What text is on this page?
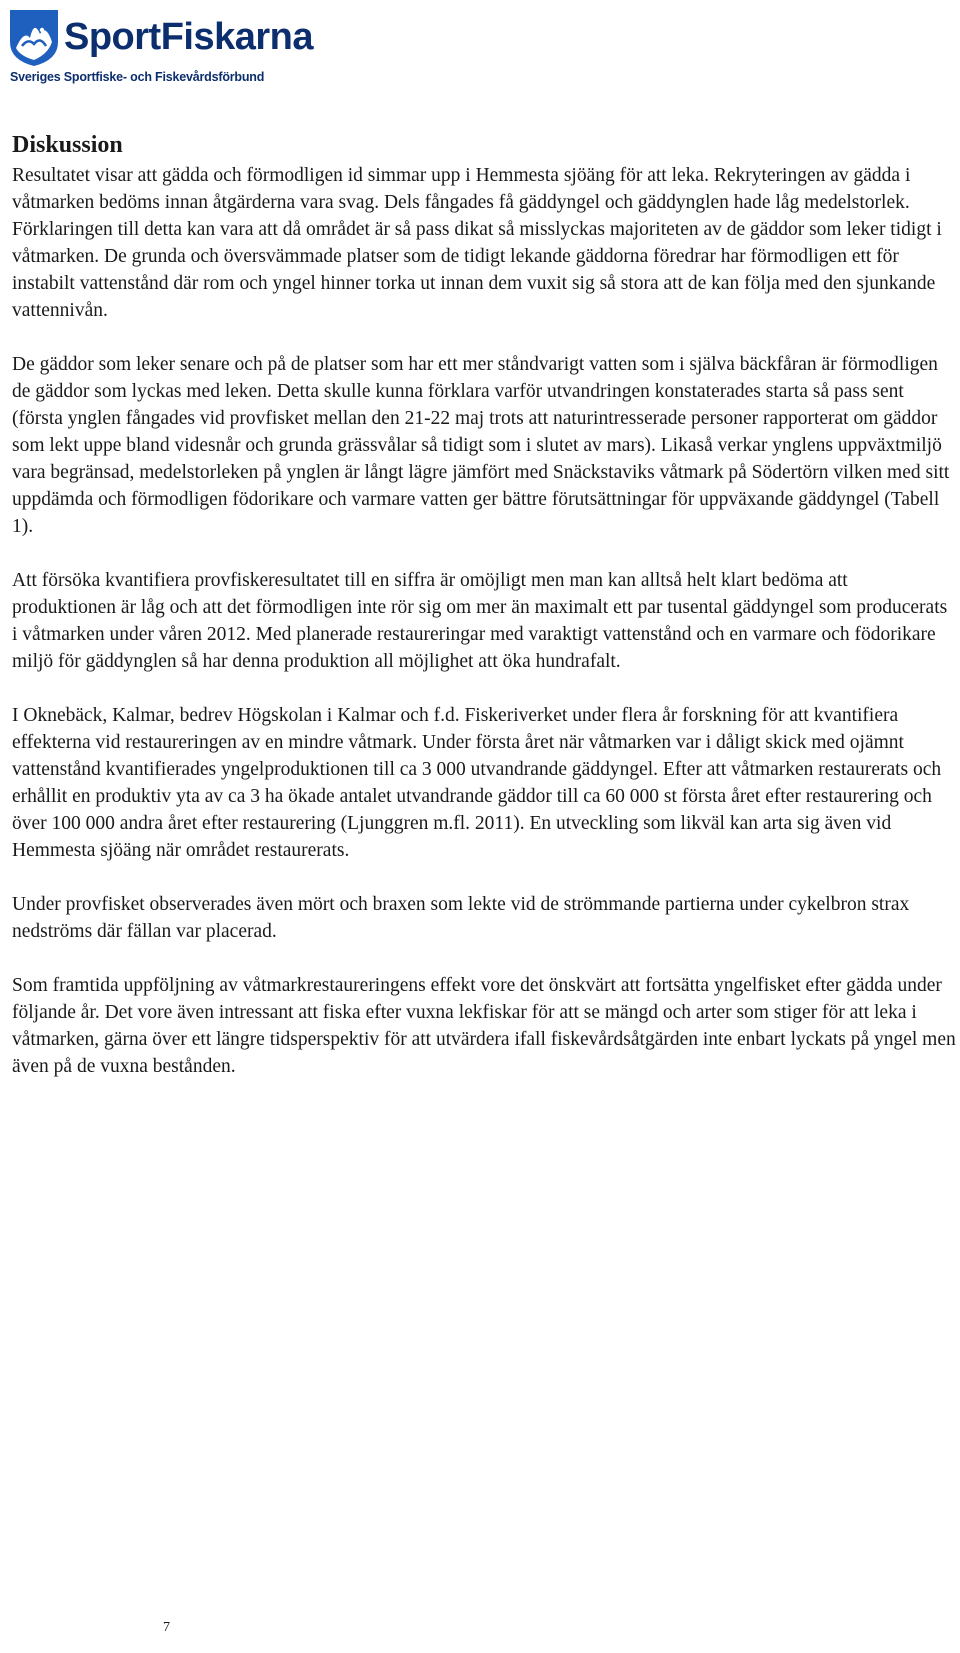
SportFiskarna
Sveriges Sportfiske- och Fiskevårdsförbund
Diskussion

Resultatet visar att gädda och förmodligen id simmar upp i Hemmesta sjöäng för att leka. Rekryteringen av gädda i våtmarken bedöms innan åtgärderna vara svag. Dels fångades få gäddyngel och gäddynglen hade låg medelstorlek. Förklaringen till detta kan vara att då området är så pass dikat så misslyckas majoriteten av de gäddor som leker tidigt i våtmarken. De grunda och översvämmade platser som de tidigt lekande gäddorna föredrar har förmodligen ett för instabilt vattenstånd där rom och yngel hinner torka ut innan dem vuxit sig så stora att de kan följa med den sjunkande vattennivån.

De gäddor som leker senare och på de platser som har ett mer ståndvarigt vatten som i själva bäckfåran är förmodligen de gäddor som lyckas med leken. Detta skulle kunna förklara varför utvandringen konstaterades starta så pass sent (första ynglen fångades vid provfisket mellan den 21-22 maj trots att naturintresserade personer rapporterat om gäddor som lekt uppe bland videsnår och grunda grässvålar så tidigt som i slutet av mars). Likaså verkar ynglens uppväxtmiljö vara begränsad, medelstorleken på ynglen är långt lägre jämfört med Snäckstaviks våtmark på Södertörn vilken med sitt uppdämda och förmodligen födorikare och varmare vatten ger bättre förutsättningar för uppväxande gäddyngel (Tabell 1).

Att försöka kvantifiera provfiskeresultatet till en siffra är omöjligt men man kan alltså helt klart bedöma att produktionen är låg och att det förmodligen inte rör sig om mer än maximalt ett par tusental gäddyngel som producerats i våtmarken under våren 2012. Med planerade restaureringar med varaktigt vattenstånd och en varmare och födorikare miljö för gäddynglen så har denna produktion all möjlighet att öka hundrafalt.

I Oknebäck, Kalmar, bedrev Högskolan i Kalmar och f.d. Fiskeriverket under flera år forskning för att kvantifiera effekterna vid restaureringen av en mindre våtmark. Under första året när våtmarken var i dåligt skick med ojämnt vattenstånd kvantifierades yngelproduktionen till ca 3 000 utvandrande gäddyngel. Efter att våtmarken restaurerats och erhållit en produktiv yta av ca 3 ha ökade antalet utvandrande gäddor till ca 60 000 st första året efter restaurering och över 100 000 andra året efter restaurering (Ljunggren m.fl. 2011). En utveckling som likväl kan arta sig även vid Hemmesta sjöäng när området restaurerats.

Under provfisket observerades även mört och braxen som lekte vid de strömmande partierna under cykelbron strax nedströms där fällan var placerad.

Som framtida uppföljning av våtmarkrestaureringens effekt vore det önskvärt att fortsätta yngelfisket efter gädda under följande år. Det vore även intressant att fiska efter vuxna lekfiskar för att se mängd och arter som stiger för att leka i våtmarken, gärna över ett längre tidsperspektiv för att utvärdera ifall fiskevårdsåtgärden inte enbart lyckats på yngel men även på de vuxna bestånden.

7
